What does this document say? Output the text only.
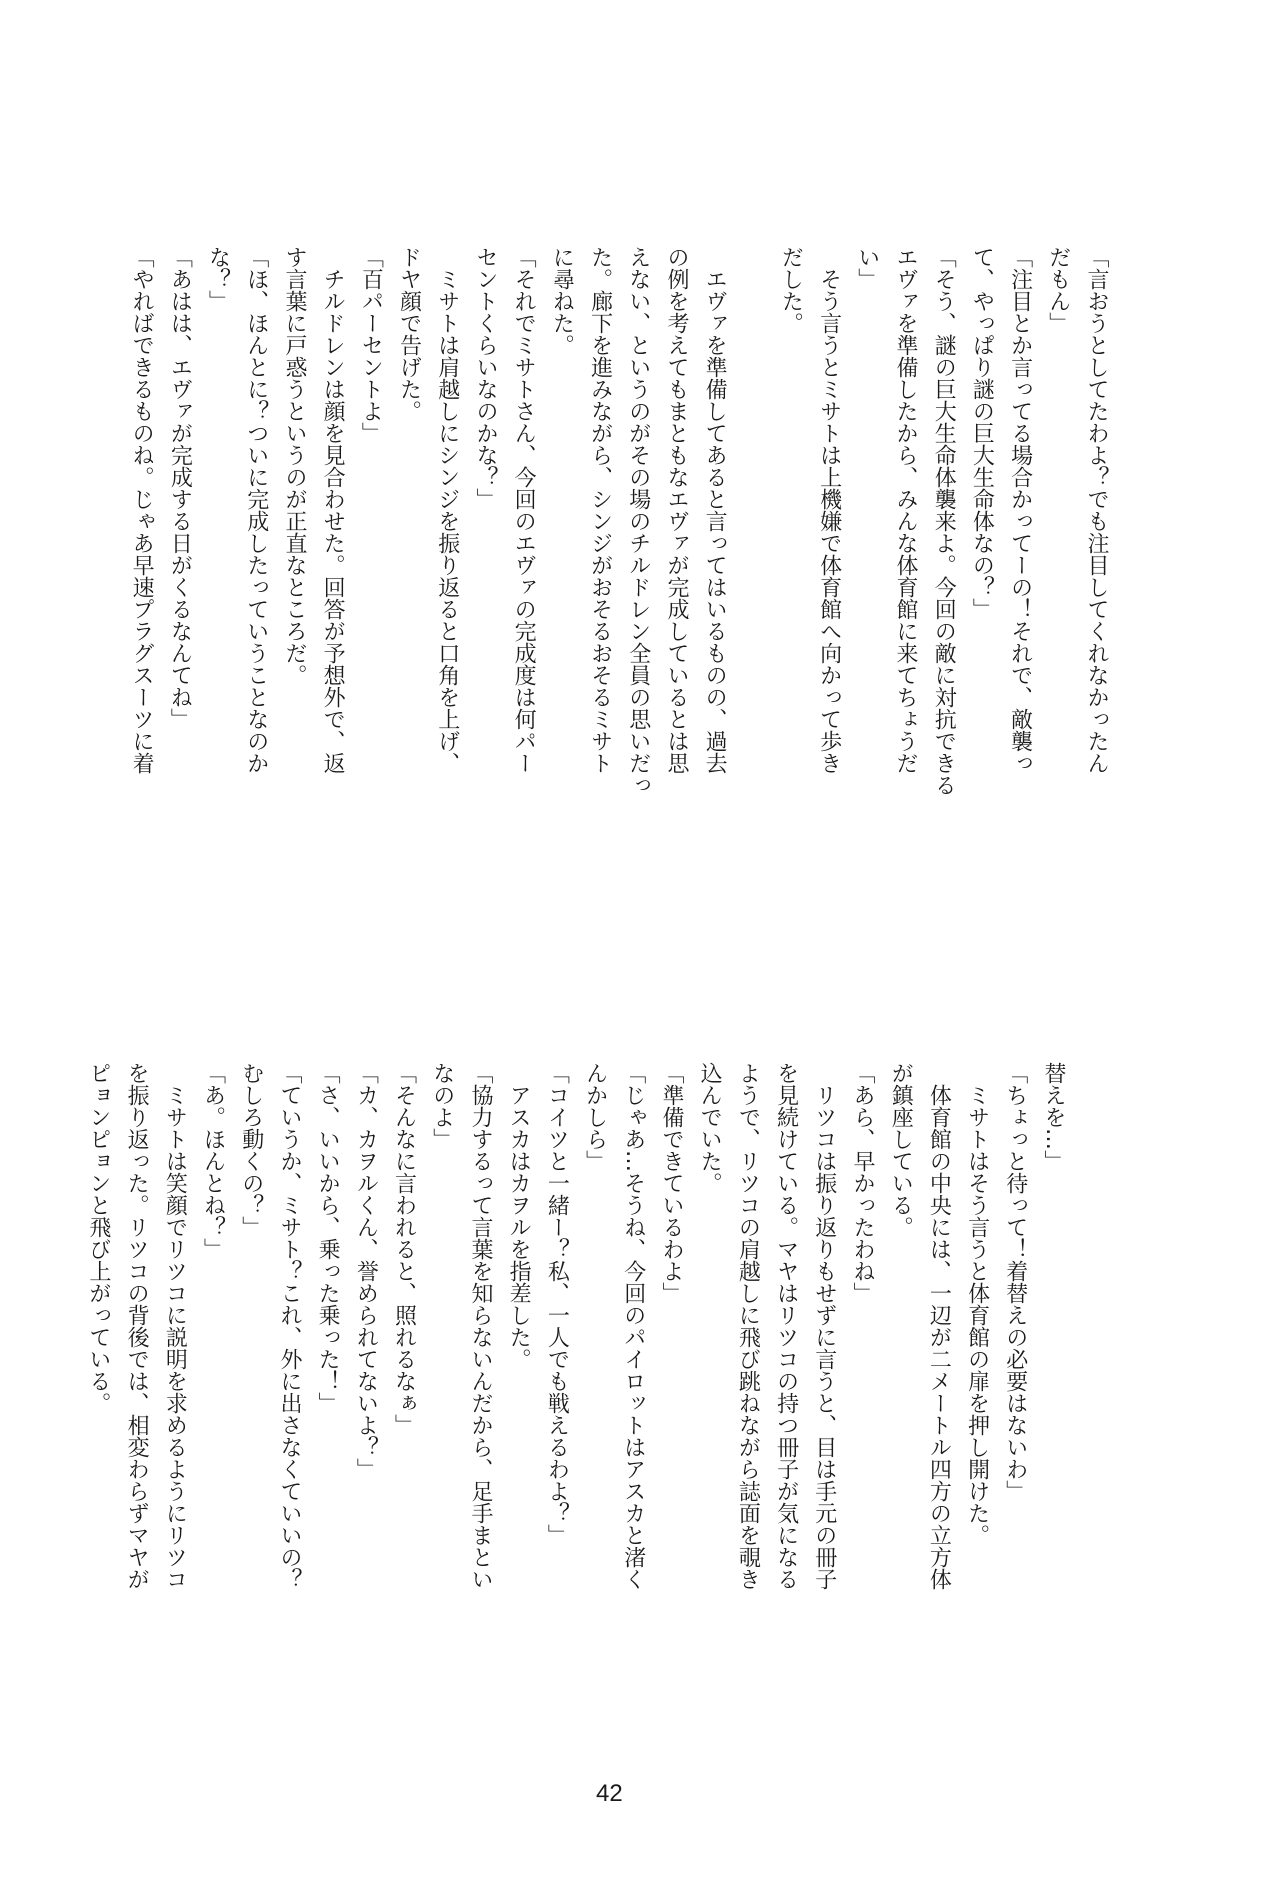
「言おうとしてたわよ？でも注目してくれなかったん
だもん」
「注目とか言ってる場合かってーの！それで、敵襲っ
て、やっぱり謎の巨大生命体なの？」
「そう、謎の巨大生命体襲来よ。今回の敵に対抗できる
エヴァを準備したから、みんな体育館に来てちょうだ
い」
　そう言うとミサトは上機嫌で体育館へ向かって歩き
だした。
　エヴァを準備してあると言ってはいるものの、過去
の例を考えてもまともなエヴァが完成しているとは思
えない、というのがその場のチルドレン全員の思いだっ
た。廊下を進みながら、シンジがおそるおそるミサト
に尋ねた。
「それでミサトさん、今回のエヴァの完成度は何パー
セントくらいなのかな？」
　ミサトは肩越しにシンジを振り返ると口角を上げ、
ドヤ顔で告げた。
「百パーセントよ」
　チルドレンは顔を見合わせた。回答が予想外で、返
す言葉に戸惑うというのが正直なところだ。
「ほ、ほんとに？ついに完成したっていうことなのか
な？」
「あはは、エヴァが完成する日がくるなんてね」
「やればできるものね。じゃあ早速プラグスーツに着
替えを…」
「ちょっと待って！着替えの必要はないわ」
　ミサトはそう言うと体育館の扉を押し開けた。
　体育館の中央には、一辺が二メートル四方の立方体
が鎮座している。
「あら、早かったわね」
　リツコは振り返りもせずに言うと、目は手元の冊子
を見続けている。マヤはリツコの持つ冊子が気になる
ようで、リツコの肩越しに飛び跳ねながら誌面を覗き
込んでいた。
「準備できているわよ」
「じゃあ…そうね、今回のパイロットはアスカと渚く
んかしら」
「コイツと一緒ー？私、一人でも戦えるわよ？」
　アスカはカヲルを指差した。
「協力するって言葉を知らないんだから、足手まとい
なのよ」
「そんなに言われると、照れるなぁ」
「カ、カヲルくん、誉められてないよ？」
「さ、いいから、乗った乗った！」
「ていうか、ミサト？これ、外に出さなくていいの？
むしろ動くの？」
「あ。ほんとね？」
　ミサトは笑顔でリツコに説明を求めるようにリツコ
を振り返った。リツコの背後では、相変わらずマヤが
ピョンピョンと飛び上がっている。
42
